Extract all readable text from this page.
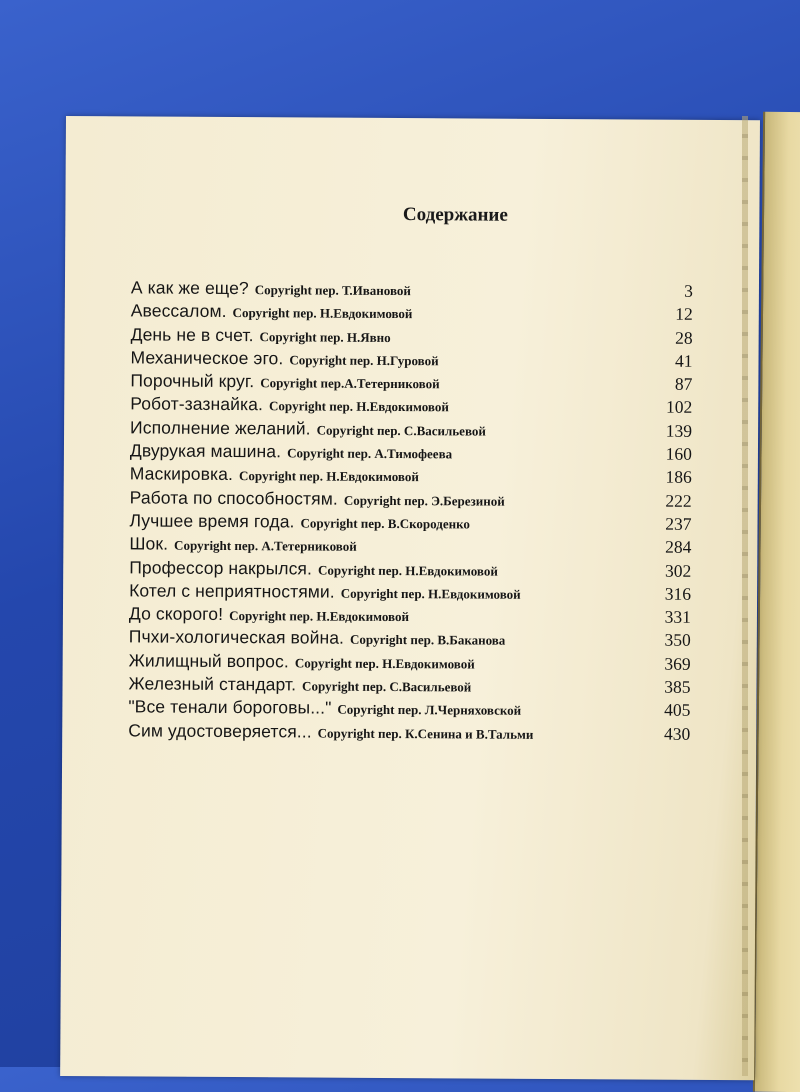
Содержание
А как же еще? Copyright пер. Т.Ивановой	3
Авессалом. Copyright пер. Н.Евдокимовой	12
День не в счет. Copyright пер. Н.Явно	28
Механическое эго. Copyright пер. Н.Гуровой	41
Порочный круг. Copyright пер.А.Тетерниковой	87
Робот-зазнайка. Copyright пер. Н.Евдокимовой	102
Исполнение желаний. Copyright пер. С.Васильевой	139
Двурукая машина. Copyright пер. А.Тимофеева	160
Маскировка. Copyright пер. Н.Евдокимовой	186
Работа по способностям. Copyright пер. Э.Березиной	222
Лучшее время года. Copyright пер. В.Скороденко	237
Шок. Copyright пер. А.Тетерниковой	284
Профессор накрылся. Copyright пер. Н.Евдокимовой	302
Котел с неприятностями. Copyright пер. Н.Евдокимовой	316
До скорого! Copyright пер. Н.Евдокимовой	331
Пчхи-хологическая война. Copyright пер. В.Баканова	350
Жилищный вопрос. Copyright пер. Н.Евдокимовой	369
Железный стандарт. Copyright пер. С.Васильевой	385
"Все тенали бороговы..." Copyright пер. Л.Черняховской	405
Сим удостоверяется... Copyright пер. К.Сенина и В.Тальми	430
